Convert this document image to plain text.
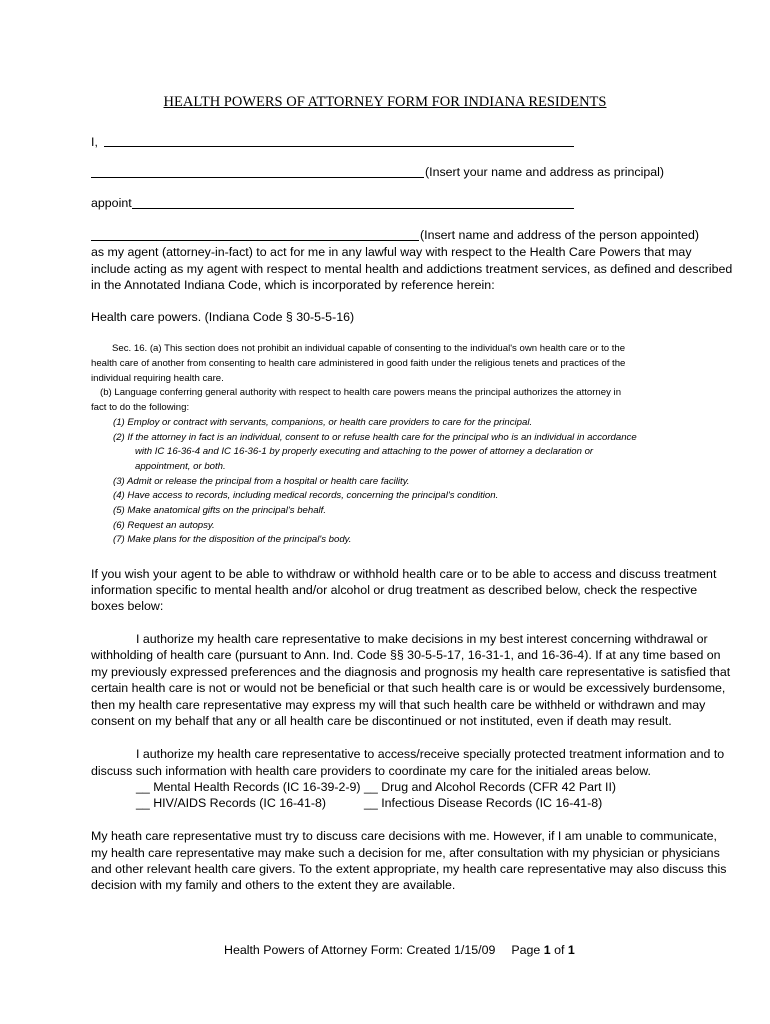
HEALTH POWERS OF ATTORNEY FORM FOR INDIANA RESIDENTS
I,
(Insert your name and address as principal)
appoint
(Insert name and address of the person appointed)
as my agent (attorney-in-fact) to act for me in any lawful way with respect to the Health Care Powers that may
include acting as my agent with respect to mental health and addictions treatment services, as defined and described
in the Annotated Indiana Code, which is incorporated by reference herein:
Health care powers. (Indiana Code § 30-5-5-16)
Sec. 16. (a) This section does not prohibit an individual capable of consenting to the individual's own health care or to the
health care of another from consenting to health care administered in good faith under the religious tenets and practices of the
individual requiring health care.
(b) Language conferring general authority with respect to health care powers means the principal authorizes the attorney in
fact to do the following:
(1) Employ or contract with servants, companions, or health care providers to care for the principal.
(2) If the attorney in fact is an individual, consent to or refuse health care for the principal who is an individual in accordance
with IC 16-36-4 and IC 16-36-1 by properly executing and attaching to the power of attorney a declaration or
appointment, or both.
(3) Admit or release the principal from a hospital or health care facility.
(4) Have access to records, including medical records, concerning the principal's condition.
(5) Make anatomical gifts on the principal's behalf.
(6) Request an autopsy.
(7) Make plans for the disposition of the principal's body.
If you wish your agent to be able to withdraw or withhold health care or to be able to access and discuss treatment
information specific to mental health and/or alcohol or drug treatment as described below, check the respective
boxes below:
I authorize my health care representative to make decisions in my best interest concerning withdrawal or
withholding of health care (pursuant to Ann. Ind. Code §§ 30-5-5-17, 16-31-1, and 16-36-4). If at any time based on
my previously expressed preferences and the diagnosis and prognosis my health care representative is satisfied that
certain health care is not or would not be beneficial or that such health care is or would be excessively burdensome,
then my health care representative may express my will that such health care be withheld or withdrawn and may
consent on my behalf that any or all health care be discontinued or not instituted, even if death may result.
I authorize my health care representative to access/receive specially protected treatment information and to
discuss such information with health care providers to coordinate my care for the initialed areas below.
__ Mental Health Records (IC 16-39-2-9) __ Drug and Alcohol Records (CFR 42 Part II)
__ HIV/AIDS Records (IC 16-41-8)	__ Infectious Disease Records (IC 16-41-8)
My heath care representative must try to discuss care decisions with me. However, if I am unable to communicate,
my health care representative may make such a decision for me, after consultation with my physician or physicians
and other relevant health care givers. To the extent appropriate, my health care representative may also discuss this
decision with my family and others to the extent they are available.
Health Powers of Attorney Form: Created 1/15/09 Page 1 of 1
